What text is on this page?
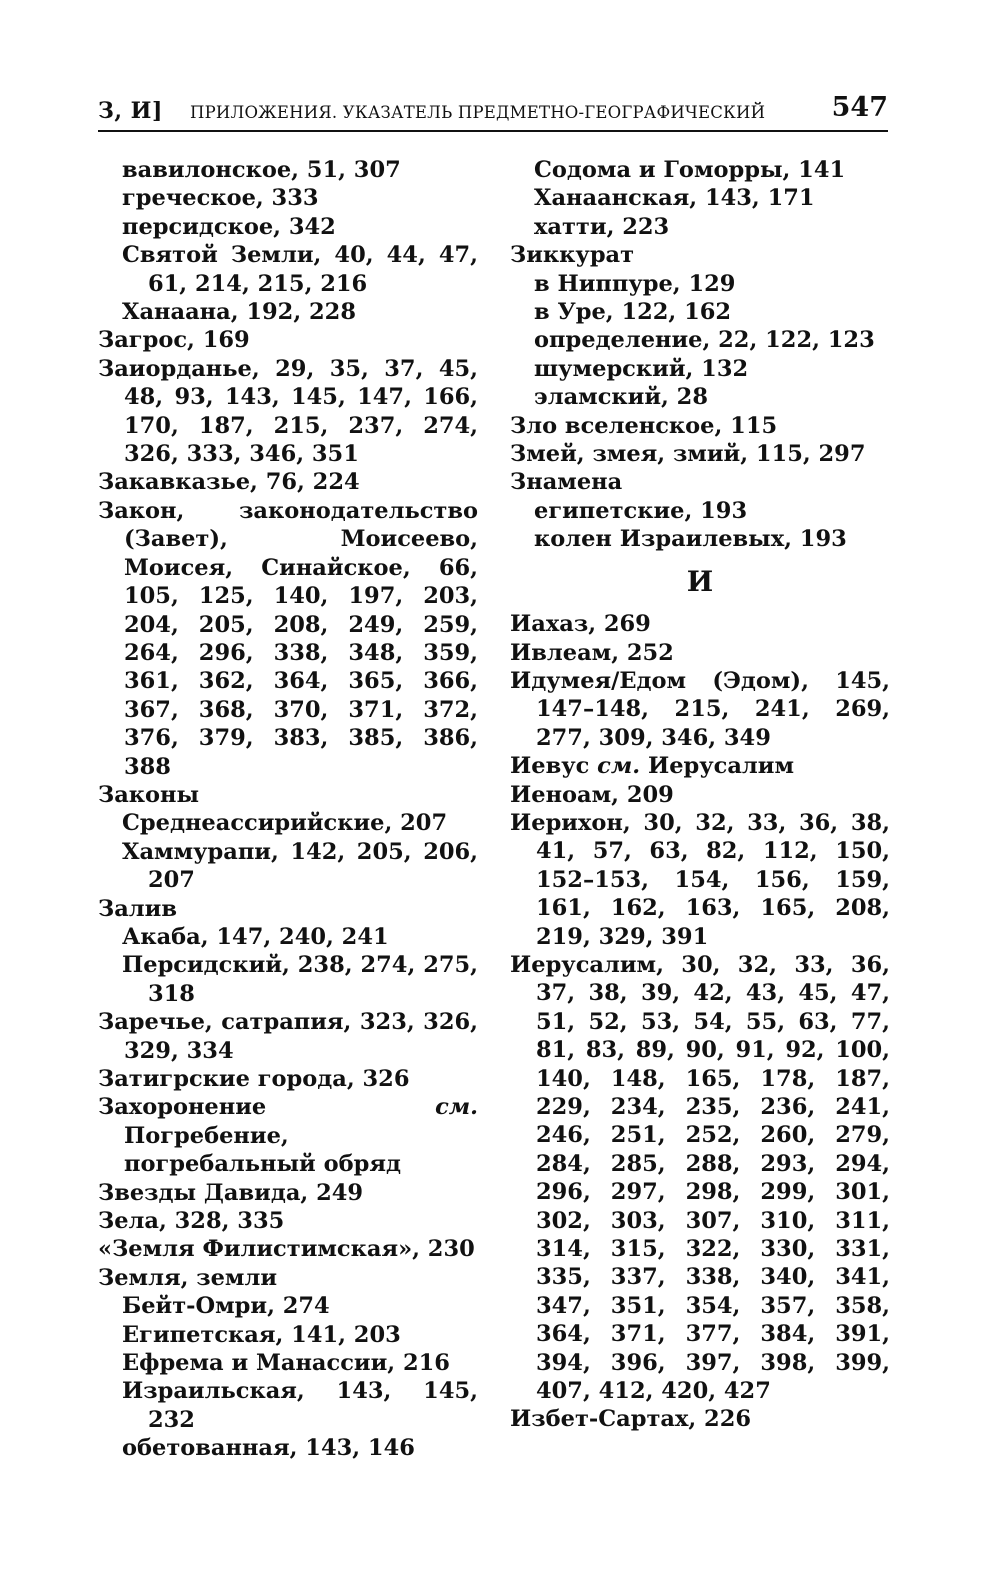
З, И] ПРИЛОЖЕНИЯ. УКАЗАТЕЛЬ ПРЕДМЕТНО-ГЕОГРАФИЧЕСКИЙ 547
вавилонское, 51, 307
греческое, 333
персидское, 342
Святой Земли, 40, 44, 47, 61, 214, 215, 216
Ханаана, 192, 228
Загрос, 169
Заиорданье, 29, 35, 37, 45, 48, 93, 143, 145, 147, 166, 170, 187, 215, 237, 274, 326, 333, 346, 351
Закавказье, 76, 224
Закон, законодательство (Завет), Моисеево, Моисея, Синайское, 66, 105, 125, 140, 197, 203, 204, 205, 208, 249, 259, 264, 296, 338, 348, 359, 361, 362, 364, 365, 366, 367, 368, 370, 371, 372, 376, 379, 383, 385, 386, 388
Законы
Среднеассирийские, 207
Хаммурапи, 142, 205, 206, 207
Залив
Акаба, 147, 240, 241
Персидский, 238, 274, 275, 318
Заречье, сатрапия, 323, 326, 329, 334
Затигрские города, 326
Захоронение	см. Погребение, погребальный обряд
Звезды Давида, 249
Зела, 328, 335
«Земля Филистимская», 230
Земля, земли
Бейт-Омри, 274
Египетская, 141, 203
Ефрема и Манассии, 216
Израильская, 143, 145, 232
обетованная, 143, 146
Содома и Гоморры, 141
Ханаанская, 143, 171
хатти, 223
Зиккурат
в Ниппуре, 129
в Уре, 122, 162
определение, 22, 122, 123
шумерский, 132
эламский, 28
Зло вселенское, 115
Змей, змея, змий, 115, 297
Знамена
египетские, 193
колен Израилевых, 193
И
Иахаз, 269
Ивлеам, 252
Идумея/Едом (Эдом), 145, 147–148, 215, 241, 269, 277, 309, 346, 349
Иевус см. Иерусалим
Иеноам, 209
Иерихон, 30, 32, 33, 36, 38, 41, 57, 63, 82, 112, 150, 152–153, 154, 156, 159, 161, 162, 163, 165, 208, 219, 329, 391
Иерусалим, 30, 32, 33, 36, 37, 38, 39, 42, 43, 45, 47, 51, 52, 53, 54, 55, 63, 77, 81, 83, 89, 90, 91, 92, 100, 140, 148, 165, 178, 187, 229, 234, 235, 236, 241, 246, 251, 252, 260, 279, 284, 285, 288, 293, 294, 296, 297, 298, 299, 301, 302, 303, 307, 310, 311, 314, 315, 322, 330, 331, 335, 337, 338, 340, 341, 347, 351, 354, 357, 358, 364, 371, 377, 384, 391, 394, 396, 397, 398, 399, 407, 412, 420, 427
Избет-Сартах, 226
